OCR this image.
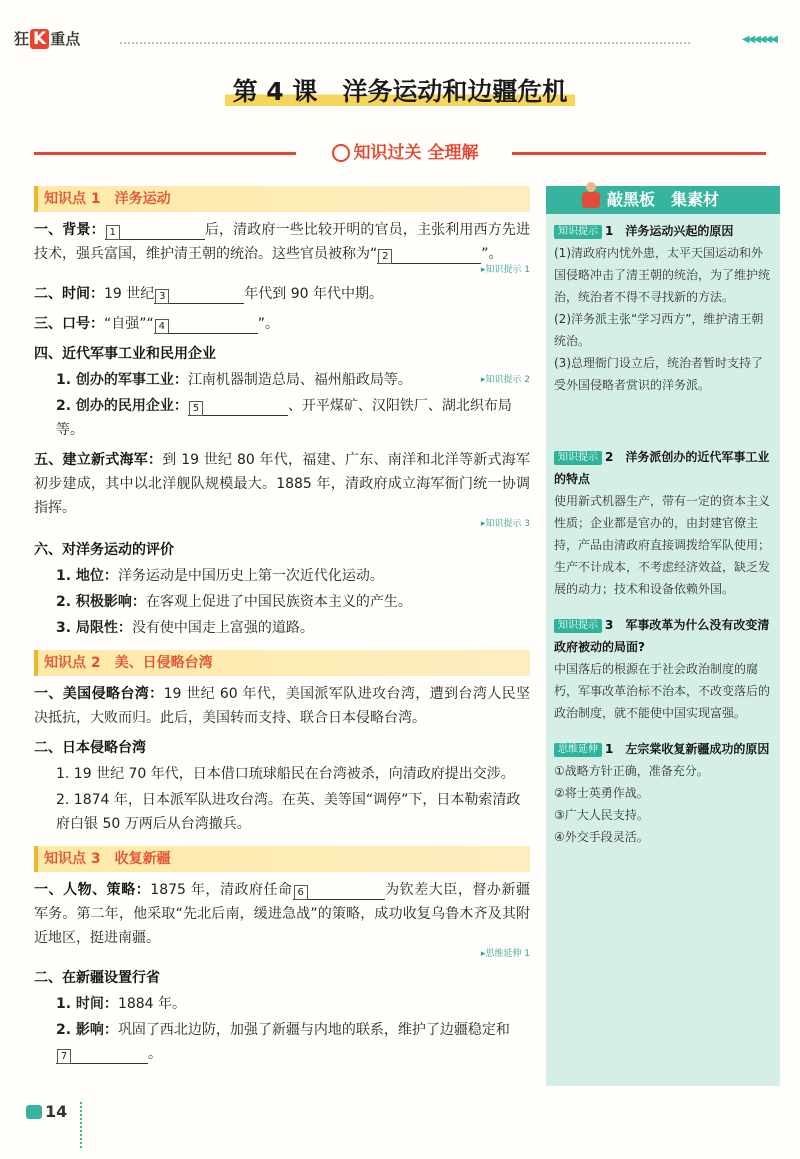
狂 K 重点	◀◀◀◀◀◀
第 4 课　洋务运动和边疆危机
知识过关 全理解
知识点 1　洋务运动
一、背景： 1	后，清政府一些比较开明的官员，主张利用西方先进技术，强兵富国，维护清王朝的统治。这些官员被称为“ 2	”。
▸知识提示 1
二、时间：19 世纪 3	年代到 90 年代中期。
三、口号：“自强”“ 4	”。
四、近代军事工业和民用企业
1. 创办的军事工业：江南机器制造总局、福州船政局等。	▸知识提示 2
2. 创办的民用企业： 5	、开平煤矿、汉阳铁厂、湖北织布局等。
五、建立新式海军：到 19 世纪 80 年代，福建、广东、南洋和北洋等新式海军初步建成，其中以北洋舰队规模最大。1885 年，清政府成立海军衙门统一协调指挥。
▸知识提示 3
六、对洋务运动的评价
1. 地位：洋务运动是中国历史上第一次近代化运动。
2. 积极影响：在客观上促进了中国民族资本主义的产生。
3. 局限性：没有使中国走上富强的道路。
知识点 2　美、日侵略台湾
一、美国侵略台湾：19 世纪 60 年代，美国派军队进攻台湾，遭到台湾人民坚决抵抗，大败而归。此后，美国转而支持、联合日本侵略台湾。
二、日本侵略台湾
1. 19 世纪 70 年代，日本借口琉球船民在台湾被杀，向清政府提出交涉。
2. 1874 年，日本派军队进攻台湾。在英、美等国“调停”下，日本勒索清政府白银 50 万两后从台湾撤兵。
知识点 3　收复新疆
一、人物、策略：1875 年，清政府任命 6	为钦差大臣，督办新疆军务。第二年，他采取“先北后南，缓进急战”的策略，成功收复乌鲁木齐及其附近地区，挺进南疆。
▸思维延伸 1
二、在新疆设置行省
1. 时间：1884 年。
2. 影响：巩固了西北边防，加强了新疆与内地的联系，维护了边疆稳定和7	。
敲黑板　集素材
知识提示 1　洋务运动兴起的原因

(1)清政府内忧外患，太平天国运动和外国侵略冲击了清王朝的统治，为了维护统治，统治者不得不寻找新的方法。

(2)洋务派主张“学习西方”，维护清王朝统治。

(3)总理衙门设立后，统治者暂时支持了受外国侵略者赏识的洋务派。

知识提示 2　洋务派创办的近代军事工业的特点

使用新式机器生产，带有一定的资本主义性质；企业都是官办的，由封建官僚主持，产品由清政府直接调拨给军队使用；生产不计成本，不考虑经济效益，缺乏发展的动力；技术和设备依赖外国。

知识提示 3　军事改革为什么没有改变清政府被动的局面?

中国落后的根源在于社会政治制度的腐朽，军事改革治标不治本，不改变落后的政治制度，就不能使中国实现富强。

思维延伸 1　左宗棠收复新疆成功的原因

①战略方针正确，准备充分。

②将士英勇作战。

③广大人民支持。

④外交手段灵活。

14
